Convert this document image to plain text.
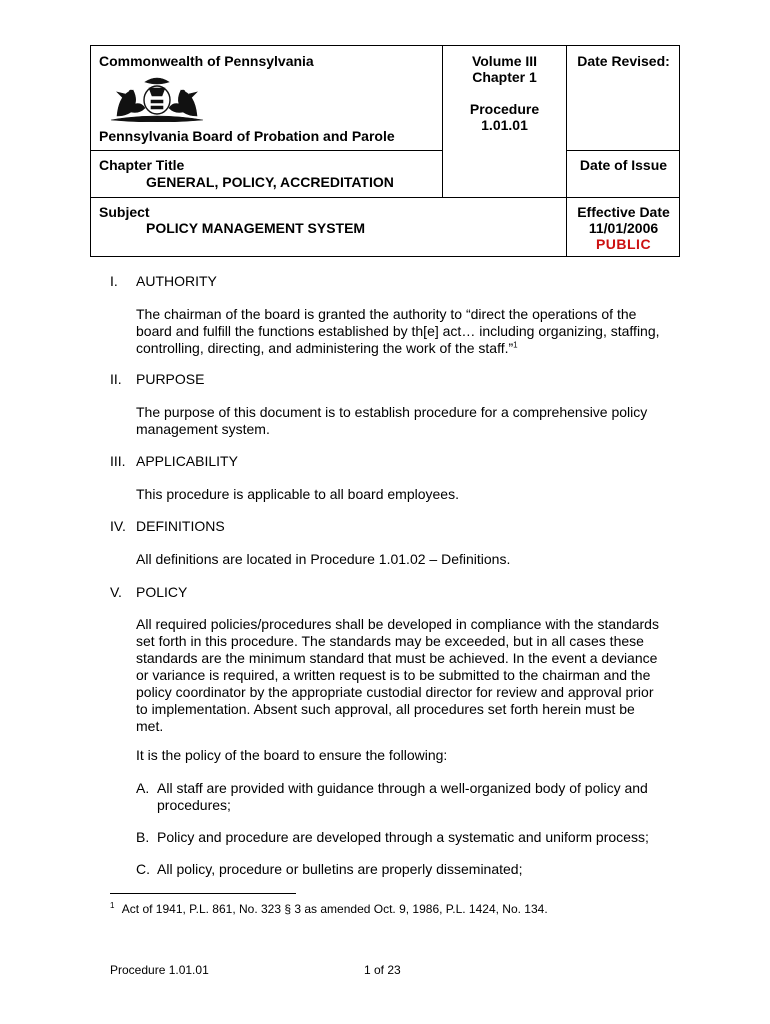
Commonwealth of Pennsylvania
Pennsylvania Board of Probation and Parole
Volume III
Chapter 1
Procedure
1.01.01
Date Revised:
Chapter Title
GENERAL, POLICY, ACCREDITATION
Date of Issue
Subject
POLICY MANAGEMENT SYSTEM
Effective Date
11/01/2006
PUBLIC
I. AUTHORITY
The chairman of the board is granted the authority to “direct the operations of the
board and fulfill the functions established by th[e] act… including organizing, staffing,
controlling, directing, and administering the work of the staff.”$^1$
II. PURPOSE
The purpose of this document is to establish procedure for a comprehensive policy
management system.
III. APPLICABILITY
This procedure is applicable to all board employees.
IV. DEFINITIONS
All definitions are located in Procedure 1.01.02 – Definitions.
V. POLICY
All required policies/procedures shall be developed in compliance with the standards
set forth in this procedure. The standards may be exceeded, but in all cases these
standards are the minimum standard that must be achieved. In the event a deviance
or variance is required, a written request is to be submitted to the chairman and the
policy coordinator by the appropriate custodial director for review and approval prior
to implementation. Absent such approval, all procedures set forth herein must be
met.
It is the policy of the board to ensure the following:
A. All staff are provided with guidance through a well-organized body of policy and
procedures;
B. Policy and procedure are developed through a systematic and uniform process;
C. All policy, procedure or bulletins are properly disseminated;
$^1$ Act of 1941, P.L. 861, No. 323 § 3 as amended Oct. 9, 1986, P.L. 1424, No. 134.
Procedure 1.01.01	1 of 23
